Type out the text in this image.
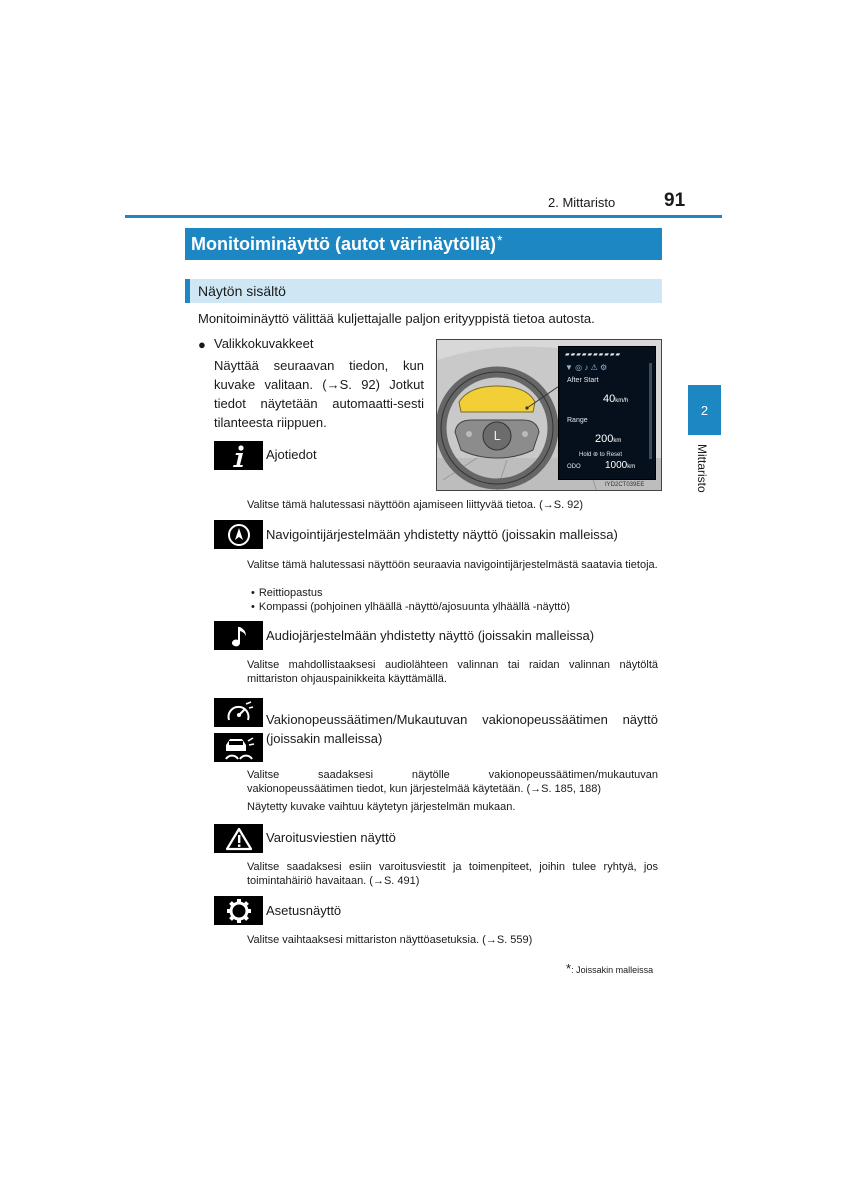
2. Mittaristo	91
2
Mittaristo
Monitoiminäyttö (autot värinäytöllä)*
Näytön sisältö
Monitoiminäyttö välittää kuljettajalle paljon erityyppistä tietoa autosta.
● Valikkokuvakkeet
Näyttää seuraavan tiedon, kun kuvake valitaan. (→S. 92) Jotkut tiedot näytetään automaatti-sesti tilanteesta riippuen.
L
▰▰▰▰▰▰▰▰▰▰
▼ ◎ ♪ ⚠ ⚙
After Start
40km/h
Range
200km
Hold ⊛ to Reset
ODO 1000km
IYD2CT039EE
Ajotiedot
Valitse tämä halutessasi näyttöön ajamiseen liittyvää tietoa. (→S. 92)
Navigointijärjestelmään yhdistetty näyttö (joissakin malleissa)
Valitse tämä halutessasi näyttöön seuraavia navigointijärjestelmästä saatavia tietoja.
• Reittiopastus
• Kompassi (pohjoinen ylhäällä -näyttö/ajosuunta ylhäällä -näyttö)
Audiojärjestelmään yhdistetty näyttö (joissakin malleissa)
Valitse mahdollistaaksesi audiolähteen valinnan tai raidan valinnan näytöltä mittariston ohjauspainikkeita käyttämällä.
Vakionopeussäätimen/Mukautuvan vakionopeussäätimen näyttö (joissakin malleissa)
Valitse saadaksesi näytölle vakionopeussäätimen/mukautuvan vakionopeussäätimen tiedot, kun järjestelmää käytetään. (→S. 185, 188)
Näytetty kuvake vaihtuu käytetyn järjestelmän mukaan.
Varoitusviestien näyttö
Valitse saadaksesi esiin varoitusviestit ja toimenpiteet, joihin tulee ryhtyä, jos toimintahäiriö havaitaan. (→S. 491)
Asetusnäyttö
Valitse vaihtaaksesi mittariston näyttöasetuksia. (→S. 559)
*: Joissakin malleissa
